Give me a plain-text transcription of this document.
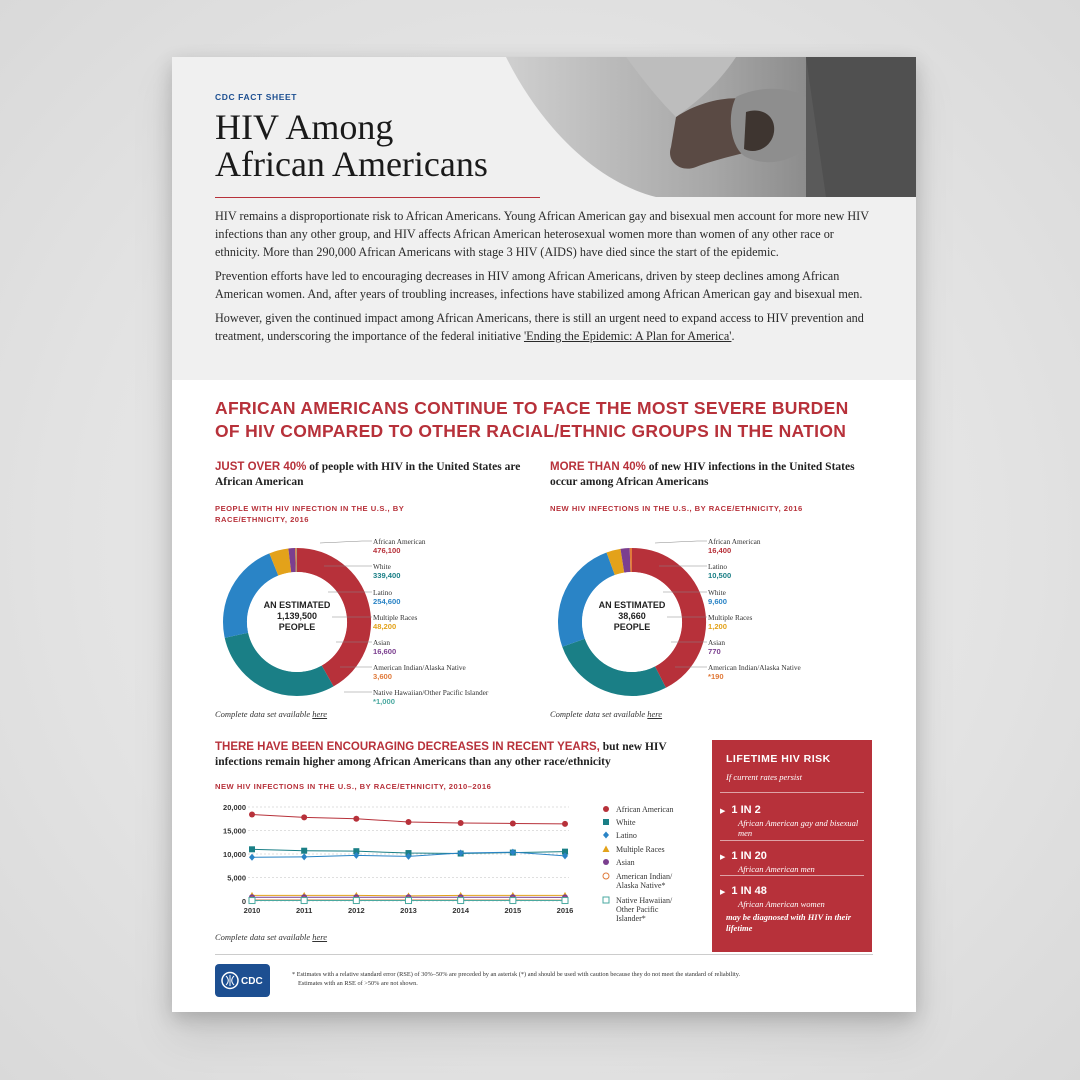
CDC FACT SHEET
HIV Among
African Americans

HIV remains a disproportionate risk to African Americans. Young African American gay and bisexual men account for more new HIV infections than any other group, and HIV affects African American heterosexual women more than women of any other race or ethnicity. More than 290,000 African Americans with stage 3 HIV (AIDS) have died since the start of the epidemic.

Prevention efforts have led to encouraging decreases in HIV among African Americans, driven by steep declines among African American women. And, after years of troubling increases, infections have stabilized among African American gay and bisexual men.

However, given the continued impact among African Americans, there is still an urgent need to expand access to HIV prevention and treatment, underscoring the importance of the federal initiative 'Ending the Epidemic: A Plan for America'.

AFRICAN AMERICANS CONTINUE TO FACE THE MOST SEVERE BURDEN OF HIV COMPARED TO OTHER RACIAL/ETHNIC GROUPS IN THE NATION
JUST OVER 40% of people with HIV in the United States are African American
PEOPLE WITH HIV INFECTION IN THE U.S., BY RACE/ETHNICITY, 2016
AN ESTIMATED
1,139,500
PEOPLE
African American
476,100
White
339,400
Latino
254,600
Multiple Races
48,200
Asian
16,600
American Indian/Alaska Native
3,600
Native Hawaiian/Other Pacific Islander
*1,000
Complete data set available here
MORE THAN 40% of new HIV infections in the United States occur among African Americans
NEW HIV INFECTIONS IN THE U.S., BY RACE/ETHNICITY, 2016
AN ESTIMATED
38,660
PEOPLE
African American
16,400
Latino
10,500
White
9,600
Multiple Races
1,200
Asian
770
American Indian/Alaska Native
*190
Complete data set available here
THERE HAVE BEEN ENCOURAGING DECREASES IN RECENT YEARS, but new HIV infections remain higher among African Americans than any other race/ethnicity
NEW HIV INFECTIONS IN THE U.S., BY RACE/ETHNICITY, 2010–2016
0
5,000
10,000
15,000
20,000
2010	2011	2012	2013	2014	2015	2016
African American
White
Latino
Multiple Races
Asian
American Indian/
Alaska Native*
Native Hawaiian/
Other Pacific
Islander*
Complete data set available here
LIFETIME HIV RISK
If current rates persist
▶ 1 IN 2
African American gay and bisexual men
▶ 1 IN 20
African American men
▶ 1 IN 48
African American women
may be diagnosed with HIV in their lifetime
CDC
* Estimates with a relative standard error (RSE) of 30%–50% are preceded by an asterisk (*) and should be used with caution because they do not meet the standard of reliability.
Estimates with an RSE of >50% are not shown.
